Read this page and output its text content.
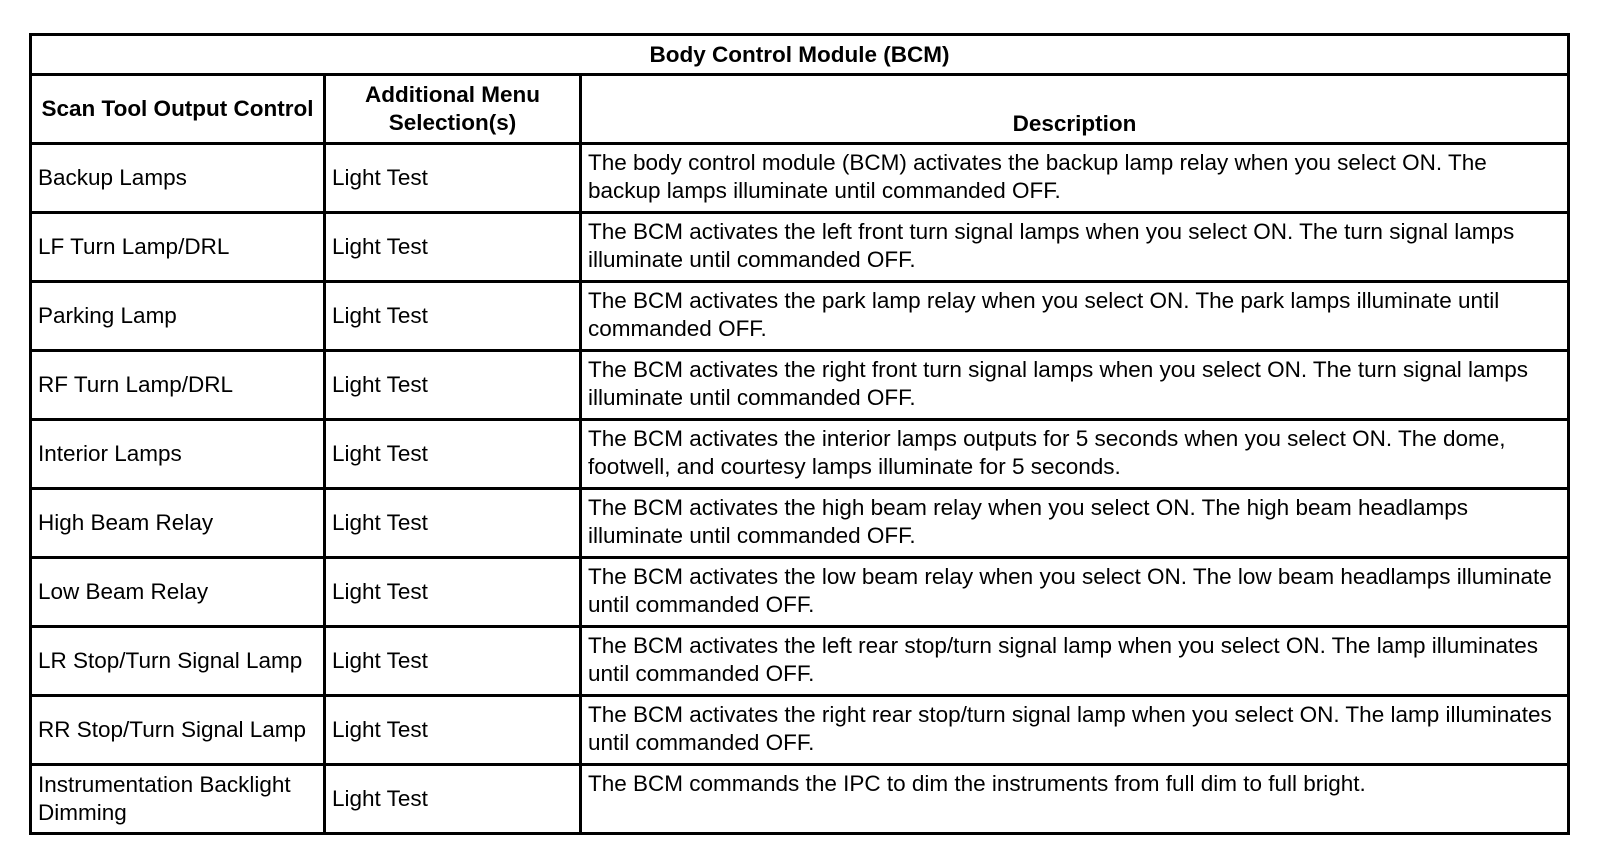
Body Control Module (BCM)		
Scan Tool Output Control	Additional Menu Selection(s)	Description
Backup Lamps	Light Test	The body control module (BCM) activates the backup lamp relay when you select ON. The backup lamps illuminate until commanded OFF.
LF Turn Lamp/DRL	Light Test	The BCM activates the left front turn signal lamps when you select ON. The turn signal lamps illuminate until commanded OFF.
Parking Lamp	Light Test	The BCM activates the park lamp relay when you select ON. The park lamps illuminate until commanded OFF.
RF Turn Lamp/DRL	Light Test	The BCM activates the right front turn signal lamps when you select ON. The turn signal lamps illuminate until commanded OFF.
Interior Lamps	Light Test	The BCM activates the interior lamps outputs for 5 seconds when you select ON. The dome, footwell, and courtesy lamps illuminate for 5 seconds.
High Beam Relay	Light Test	The BCM activates the high beam relay when you select ON. The high beam headlamps illuminate until commanded OFF.
Low Beam Relay	Light Test	The BCM activates the low beam relay when you select ON. The low beam headlamps illuminate until commanded OFF.
LR Stop/Turn Signal Lamp	Light Test	The BCM activates the left rear stop/turn signal lamp when you select ON. The lamp illuminates until commanded OFF.
RR Stop/Turn Signal Lamp	Light Test	The BCM activates the right rear stop/turn signal lamp when you select ON. The lamp illuminates until commanded OFF.
Instrumentation Backlight Dimming	Light Test	The BCM commands the IPC to dim the instruments from full dim to full bright.
